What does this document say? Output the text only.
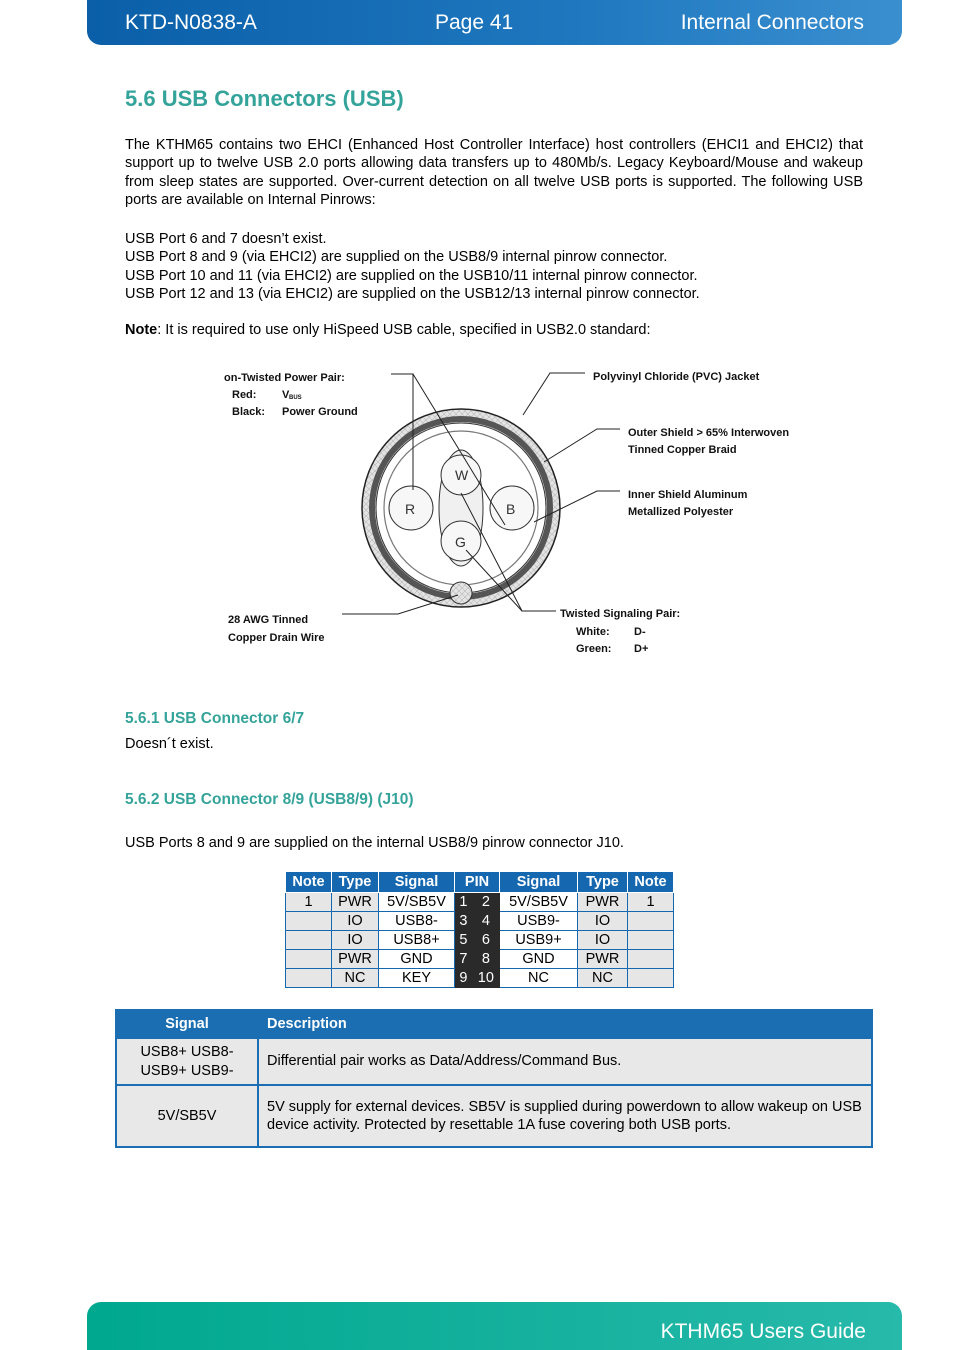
KTD-N0838-A	Page 41	Internal Connectors
5.6 USB Connectors (USB)
The KTHM65 contains two EHCI (Enhanced Host Controller Interface) host controllers (EHCI1 and EHCI2) that support up to twelve USB 2.0 ports allowing data transfers up to 480Mb/s. Legacy Keyboard/Mouse and wakeup from sleep states are supported. Over-current detection on all twelve USB ports is supported. The following USB ports are available on Internal Pinrows:
USB Port 6 and 7 doesn’t exist.
USB Port 8 and 9 (via EHCI2) are supplied on the USB8/9 internal pinrow connector.
USB Port 10 and 11 (via EHCI2) are supplied on the USB10/11 internal pinrow connector.
USB Port 12 and 13 (via EHCI2) are supplied on the USB12/13 internal pinrow connector.
Note: It is required to use only HiSpeed USB cable, specified in USB2.0 standard:
W
R	B
G
on-Twisted Power Pair:
Red: V BUS
Black: Power Ground
Polyvinyl Chloride (PVC) Jacket
Outer Shield > 65% Interwoven
Tinned Copper Braid
Inner Shield Aluminum
Metallized Polyester
28 AWG Tinned
Copper Drain Wire
Twisted Signaling Pair:
White: D-
Green: D+
5.6.1 USB Connector 6/7
Doesn´t exist.
5.6.2 USB Connector 8/9 (USB8/9) (J10)
USB Ports 8 and 9 are supplied on the internal USB8/9 pinrow connector J10.
Note	Type	Signal	PIN		Signal	Type	Note
1	PWR	5V/SB5V	1	2	5V/SB5V	PWR	1
	IO	USB8-	3	4	USB9-	IO	
	IO	USB8+	5	6	USB9+	IO	
	PWR	GND	7	8	GND	PWR	
	NC	KEY	9	10	NC	NC	
Signal	Description

USB8+ USB8-
USB9+ USB9-	Differential pair works as Data/Address/Command Bus.

5V/SB5V	5V supply for external devices. SB5V is supplied during powerdown to allow wakeup on USB device activity. Protected by resettable 1A fuse covering both USB ports.
KTHM65 Users Guide
